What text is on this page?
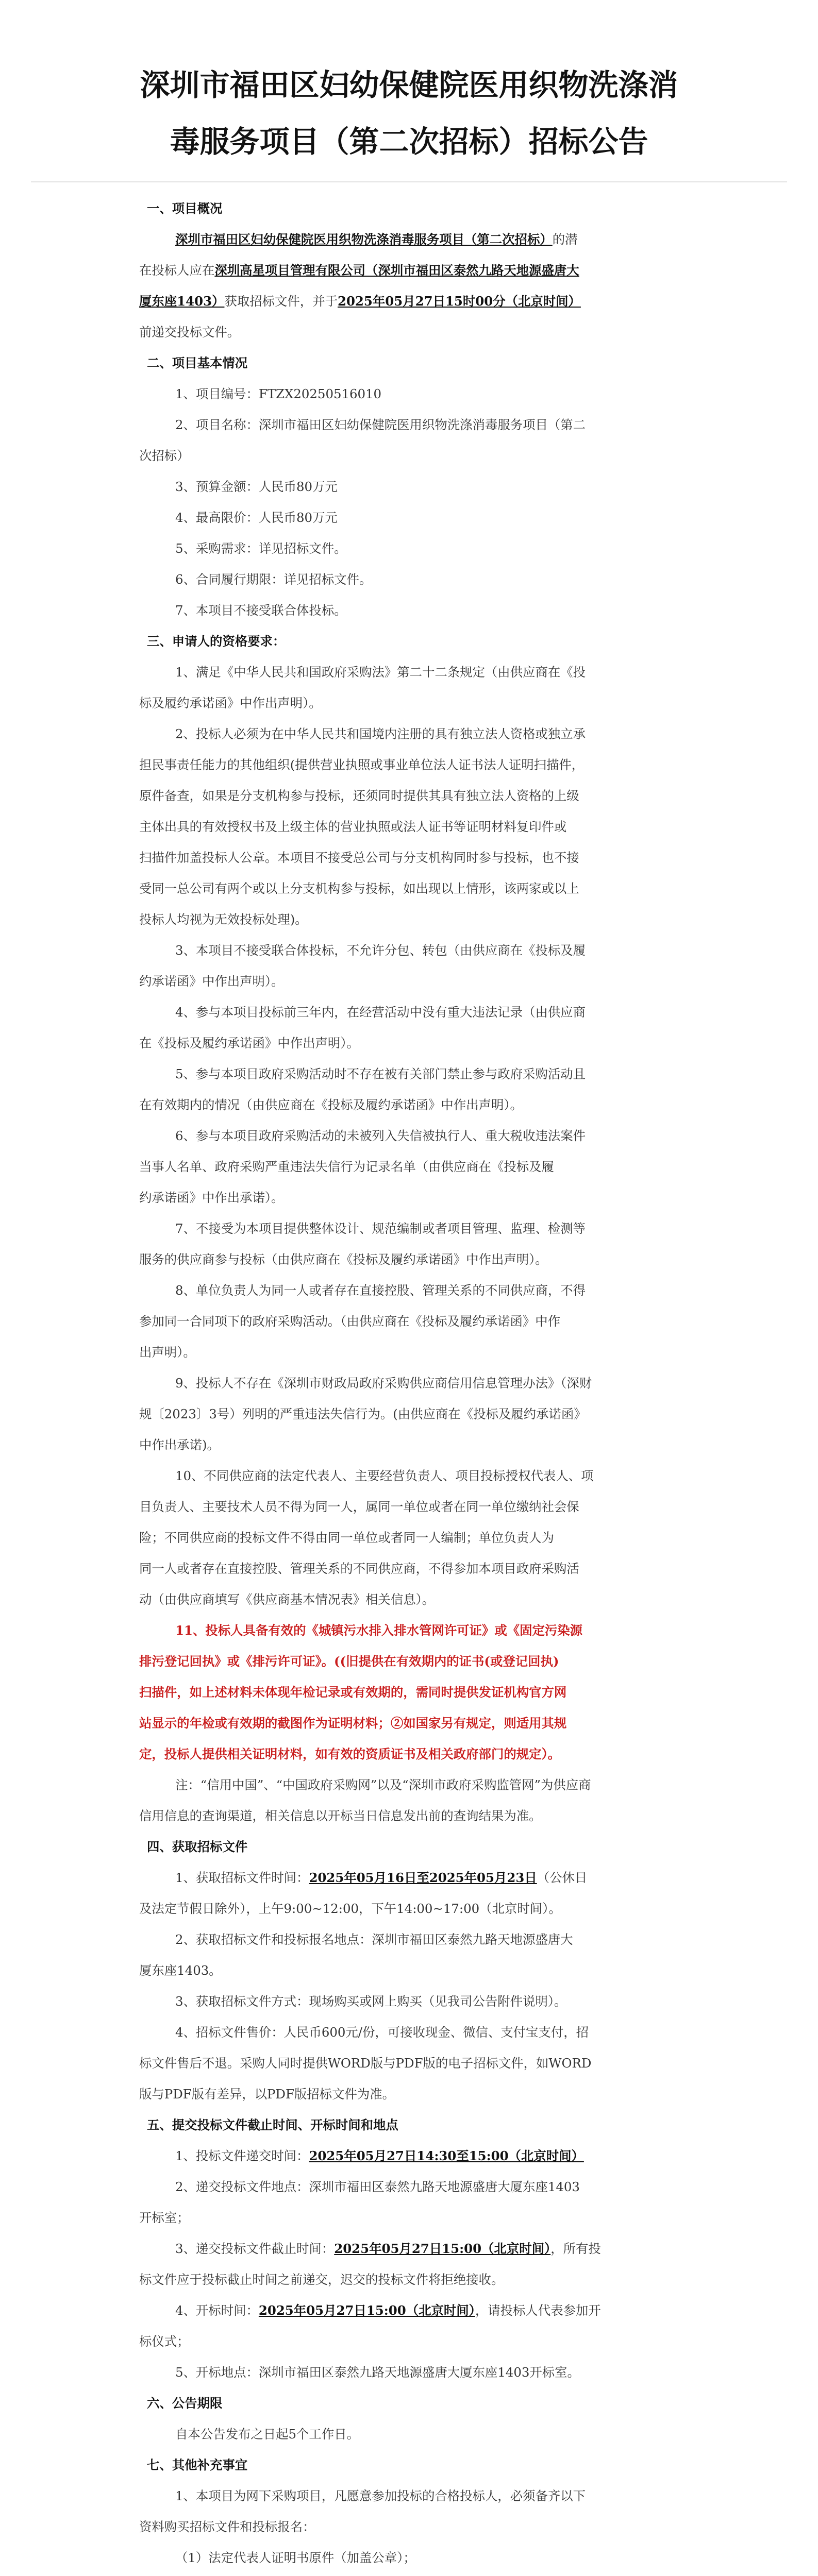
深圳市福田区妇幼保健院医用织物洗涤消
毒服务项目（第二次招标）招标公告
一、项目概况
深圳市福田区妇幼保健院医用织物洗涤消毒服务项目（第二次招标）的潜
在投标人应在深圳高星项目管理有限公司（深圳市福田区泰然九路天地源盛唐大
厦东座1403）获取招标文件，并于2025年05月27日15时00分（北京时间）
前递交投标文件。
二、项目基本情况
1、项目编号：FTZX20250516010
2、项目名称：深圳市福田区妇幼保健院医用织物洗涤消毒服务项目（第二
次招标）
3、预算金额：人民币80万元
4、最高限价：人民币80万元
5、采购需求：详见招标文件。
6、合同履行期限：详见招标文件。
7、本项目不接受联合体投标。
三、申请人的资格要求：
1、满足《中华人民共和国政府采购法》第二十二条规定（由供应商在《投
标及履约承诺函》中作出声明）。
2、投标人必须为在中华人民共和国境内注册的具有独立法人资格或独立承
担民事责任能力的其他组织(提供营业执照或事业单位法人证书法人证明扫描件，
原件备查，如果是分支机构参与投标，还须同时提供其具有独立法人资格的上级
主体出具的有效授权书及上级主体的营业执照或法人证书等证明材料复印件或
扫描件加盖投标人公章。本项目不接受总公司与分支机构同时参与投标，也不接
受同一总公司有两个或以上分支机构参与投标，如出现以上情形，该两家或以上
投标人均视为无效投标处理)。
3、本项目不接受联合体投标，不允许分包、转包（由供应商在《投标及履
约承诺函》中作出声明）。
4、参与本项目投标前三年内，在经营活动中没有重大违法记录（由供应商
在《投标及履约承诺函》中作出声明）。
5、参与本项目政府采购活动时不存在被有关部门禁止参与政府采购活动且
在有效期内的情况（由供应商在《投标及履约承诺函》中作出声明）。
6、参与本项目政府采购活动的未被列入失信被执行人、重大税收违法案件
当事人名单、政府采购严重违法失信行为记录名单（由供应商在《投标及履
约承诺函》中作出承诺）。
7、不接受为本项目提供整体设计、规范编制或者项目管理、监理、检测等
服务的供应商参与投标（由供应商在《投标及履约承诺函》中作出声明）。
8、单位负责人为同一人或者存在直接控股、管理关系的不同供应商，不得
参加同一合同项下的政府采购活动。（由供应商在《投标及履约承诺函》中作
出声明）。
9、投标人不存在《深圳市财政局政府采购供应商信用信息管理办法》（深财
规〔2023〕3号）列明的严重违法失信行为。(由供应商在《投标及履约承诺函》
中作出承诺)。
10、不同供应商的法定代表人、主要经营负责人、项目投标授权代表人、项
目负责人、主要技术人员不得为同一人，属同一单位或者在同一单位缴纳社会保
险；不同供应商的投标文件不得由同一单位或者同一人编制；单位负责人为
同一人或者存在直接控股、管理关系的不同供应商，不得参加本项目政府采购活
动（由供应商填写《供应商基本情况表》相关信息）。
11、投标人具备有效的《城镇污水排入排水管网许可证》或《固定污染源
排污登记回执》或《排污许可证》。((旧提供在有效期内的证书(或登记回执)
扫描件，如上述材料未体现年检记录或有效期的，需同时提供发证机构官方网
站显示的年检或有效期的截图作为证明材料；②如国家另有规定，则适用其规
定，投标人提供相关证明材料，如有效的资质证书及相关政府部门的规定）。
注：“信用中国”、“中国政府采购网”以及“深圳市政府采购监管网”为供应商
信用信息的查询渠道，相关信息以开标当日信息发出前的查询结果为准。
四、获取招标文件
1、获取招标文件时间：2025年05月16日至2025年05月23日（公休日
及法定节假日除外），上午9:00~12:00，下午14:00~17:00（北京时间）。
2、获取招标文件和投标报名地点：深圳市福田区泰然九路天地源盛唐大
厦东座1403。
3、获取招标文件方式：现场购买或网上购买（见我司公告附件说明）。
4、招标文件售价：人民币600元/份，可接收现金、微信、支付宝支付，招
标文件售后不退。采购人同时提供WORD版与PDF版的电子招标文件，如WORD
版与PDF版有差异，以PDF版招标文件为准。
五、提交投标文件截止时间、开标时间和地点
1、投标文件递交时间：2025年05月27日14:30至15:00（北京时间）
2、递交投标文件地点：深圳市福田区泰然九路天地源盛唐大厦东座1403
开标室；
3、递交投标文件截止时间：2025年05月27日15:00（北京时间），所有投
标文件应于投标截止时间之前递交，迟交的投标文件将拒绝接收。
4、开标时间：2025年05月27日15:00（北京时间），请投标人代表参加开
标仪式；
5、开标地点：深圳市福田区泰然九路天地源盛唐大厦东座1403开标室。
六、公告期限
自本公告发布之日起5个工作日。
七、其他补充事宜
1、本项目为网下采购项目，凡愿意参加投标的合格投标人，必须备齐以下
资料购买招标文件和投标报名：
（1）法定代表人证明书原件（加盖公章）；
